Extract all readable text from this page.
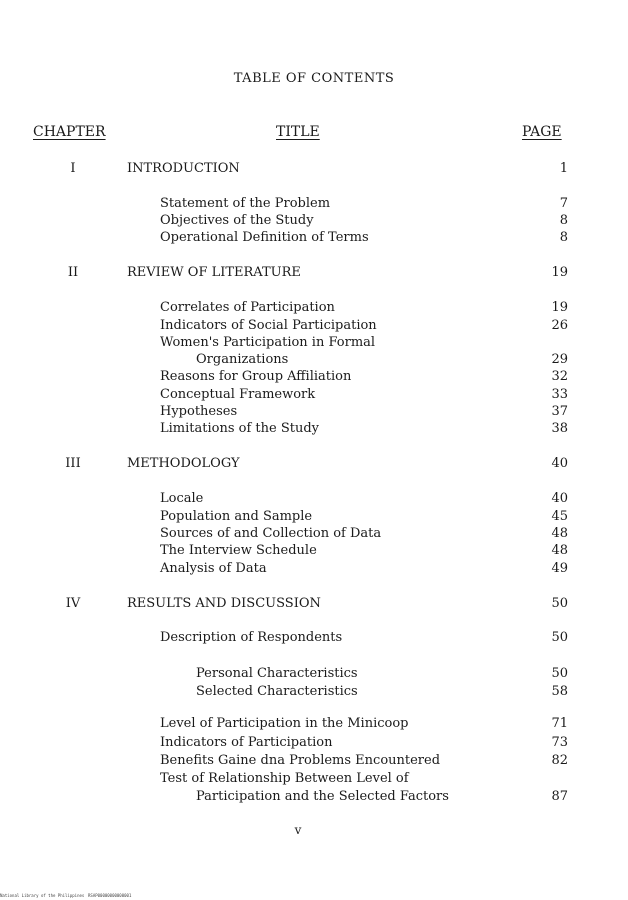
TABLE OF CONTENTS
CHAPTER	TITLE	PAGE
I	INTRODUCTION	1
Statement of the Problem	7
Objectives of the Study	8
Operational Definition of Terms	8
II	REVIEW OF LITERATURE	19
Correlates of Participation	19
Indicators of Social Participation	26
Women's Participation in Formal
Organizations	29
Reasons for Group Affiliation	32
Conceptual Framework	33
Hypotheses	37
Limitations of the Study	38
III	METHODOLOGY	40
Locale	40
Population and Sample	45
Sources of and Collection of Data	48
The Interview Schedule	48
Analysis of Data	49
IV	RESULTS AND DISCUSSION	50
Description of Respondents	50
Personal Characteristics	50
Selected Characteristics	58
Level of Participation in the Minicoop	71
Indicators of Participation	73
Benefits Gaine dna Problems Encountered	82
Test of Relationship Between Level of
Participation and the Selected Factors	87
v
National Library of the Philippines RSAP00000000000001
